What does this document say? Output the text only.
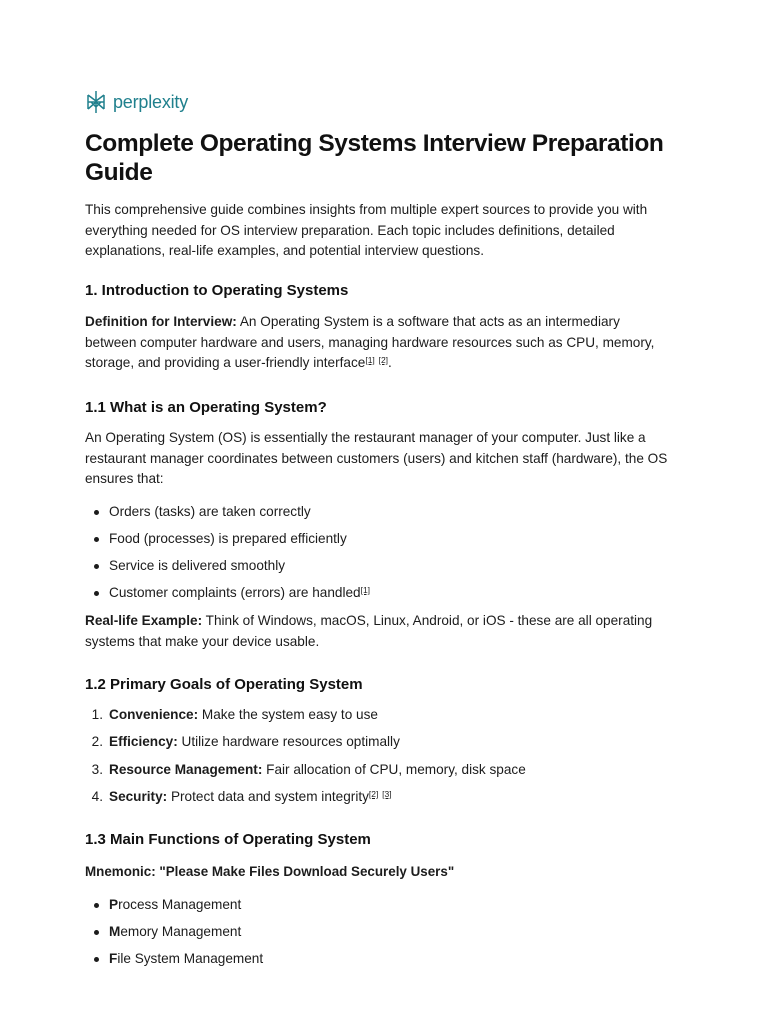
perplexity
Complete Operating Systems Interview Preparation Guide

This comprehensive guide combines insights from multiple expert sources to provide you with everything needed for OS interview preparation. Each topic includes definitions, detailed explanations, real-life examples, and potential interview questions.

1. Introduction to Operating Systems

Definition for Interview: An Operating System is a software that acts as an intermediary between computer hardware and users, managing hardware resources such as CPU, memory, storage, and providing a user-friendly interface[1] [2].

1.1 What is an Operating System?

An Operating System (OS) is essentially the restaurant manager of your computer. Just like a restaurant manager coordinates between customers (users) and kitchen staff (hardware), the OS ensures that:

Orders (tasks) are taken correctly
Food (processes) is prepared efficiently
Service is delivered smoothly
Customer complaints (errors) are handled[1]

Real-life Example: Think of Windows, macOS, Linux, Android, or iOS - these are all operating systems that make your device usable.

1.2 Primary Goals of Operating System
1. Convenience: Make the system easy to use
2. Efficiency: Utilize hardware resources optimally
3. Resource Management: Fair allocation of CPU, memory, disk space
4. Security: Protect data and system integrity[2] [3]
1.3 Main Functions of Operating System

Mnemonic: "Please Make Files Download Securely Users"

Process Management
Memory Management
File System Management
